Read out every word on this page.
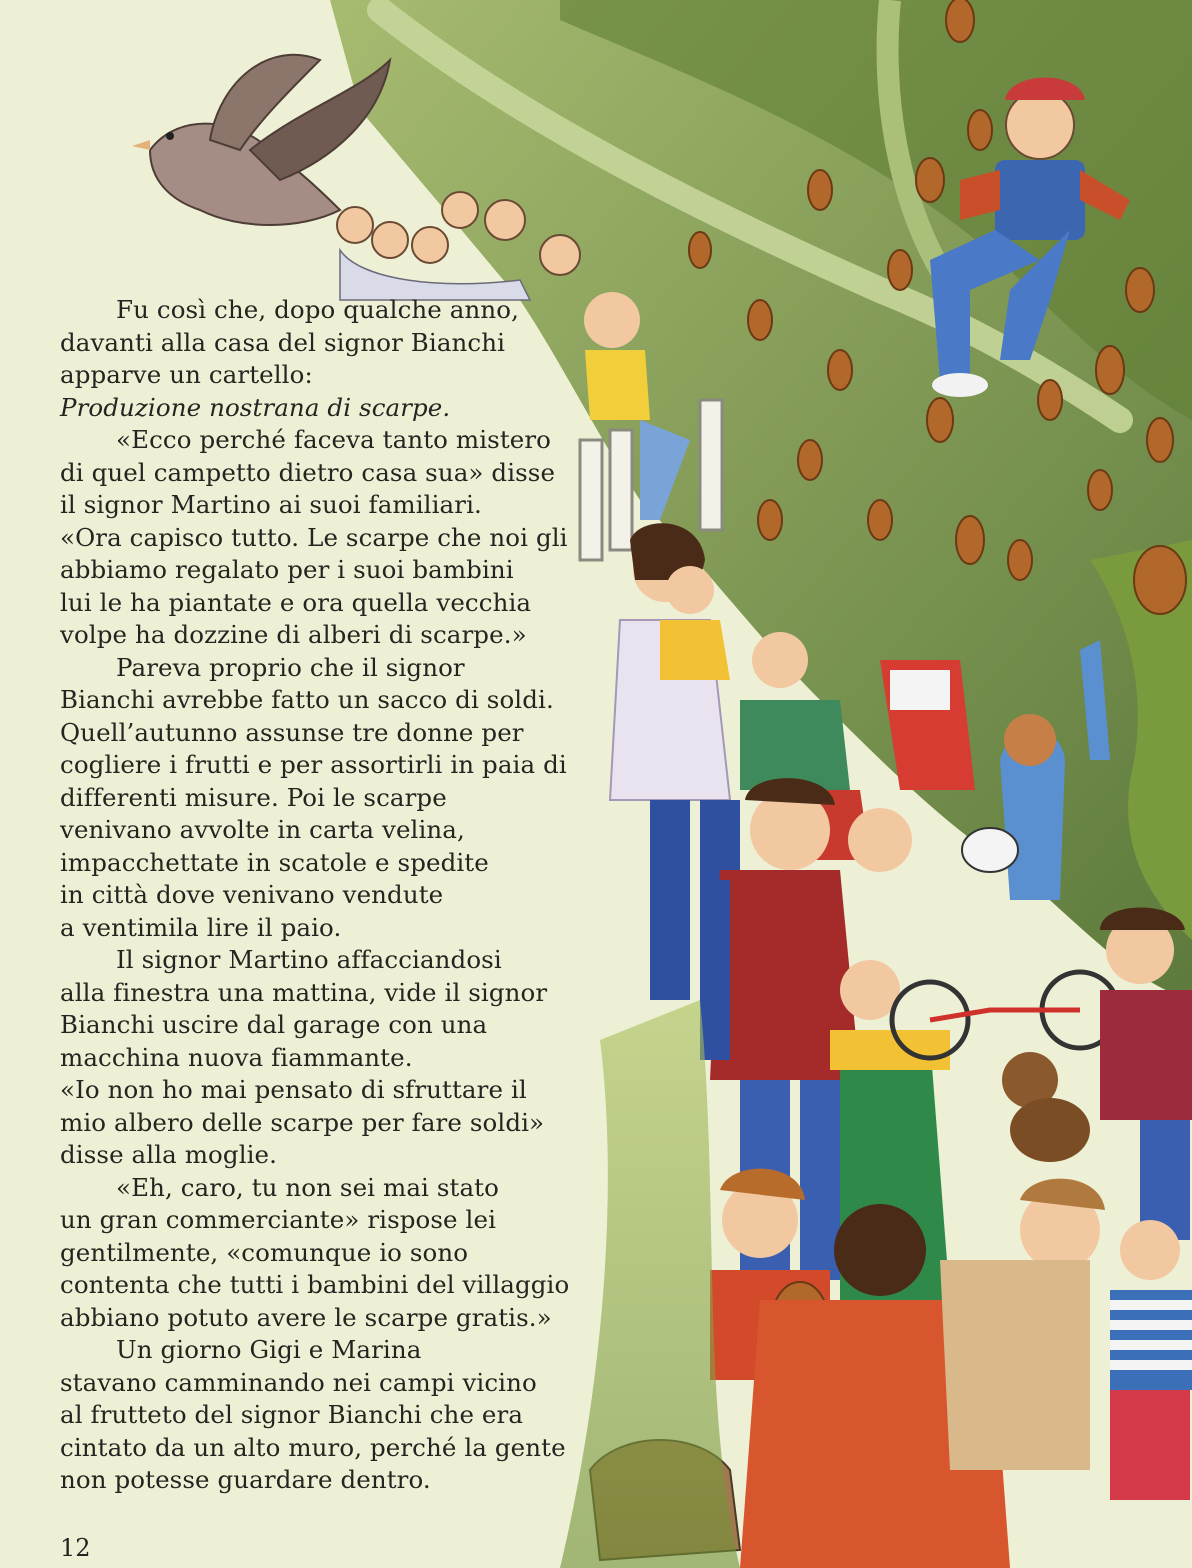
Fu così che, dopo qualche anno,
davanti alla casa del signor Bianchi
apparve un cartello:
Produzione nostrana di scarpe.
«Ecco perché faceva tanto mistero
di quel campetto dietro casa sua» disse
il signor Martino ai suoi familiari.
«Ora capisco tutto. Le scarpe che noi gli
abbiamo regalato per i suoi bambini
lui le ha piantate e ora quella vecchia
volpe ha dozzine di alberi di scarpe.»
Pareva proprio che il signor
Bianchi avrebbe fatto un sacco di soldi.
Quell’autunno assunse tre donne per
cogliere i frutti e per assortirli in paia di
differenti misure. Poi le scarpe
venivano avvolte in carta velina,
impacchettate in scatole e spedite
in città dove venivano vendute
a ventimila lire il paio.
Il signor Martino affacciandosi
alla finestra una mattina, vide il signor
Bianchi uscire dal garage con una
macchina nuova fiammante.
«Io non ho mai pensato di sfruttare il
mio albero delle scarpe per fare soldi»
disse alla moglie.
«Eh, caro, tu non sei mai stato
un gran commerciante» rispose lei
gentilmente, «comunque io sono
contenta che tutti i bambini del villaggio
abbiano potuto avere le scarpe gratis.»
Un giorno Gigi e Marina
stavano camminando nei campi vicino
al frutteto del signor Bianchi che era
cintato da un alto muro, perché la gente
non potesse guardare dentro.
12
